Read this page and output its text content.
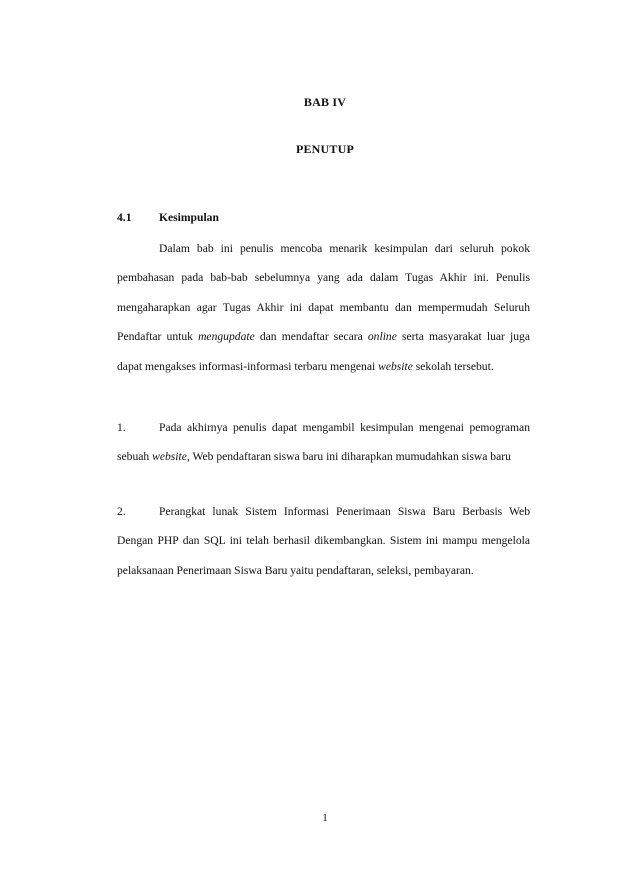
BAB IV
PENUTUP
4.1 Kesimpulan
Dalam bab ini penulis mencoba menarik kesimpulan dari seluruh pokok pembahasan pada bab-bab sebelumnya yang ada dalam Tugas Akhir ini. Penulis mengaharapkan agar Tugas Akhir ini dapat membantu dan mempermudah Seluruh Pendaftar untuk mengupdate dan mendaftar secara online serta masyarakat luar juga dapat mengakses informasi-informasi terbaru mengenai website sekolah tersebut.
1.	Pada akhirnya penulis dapat mengambil kesimpulan mengenai pemograman sebuah website, Web pendaftaran siswa baru ini diharapkan mumudahkan siswa baru
2.	Perangkat lunak Sistem Informasi Penerimaan Siswa Baru Berbasis Web Dengan PHP dan SQL ini telah berhasil dikembangkan. Sistem ini mampu mengelola pelaksanaan Penerimaan Siswa Baru yaitu pendaftaran, seleksi, pembayaran.
1
